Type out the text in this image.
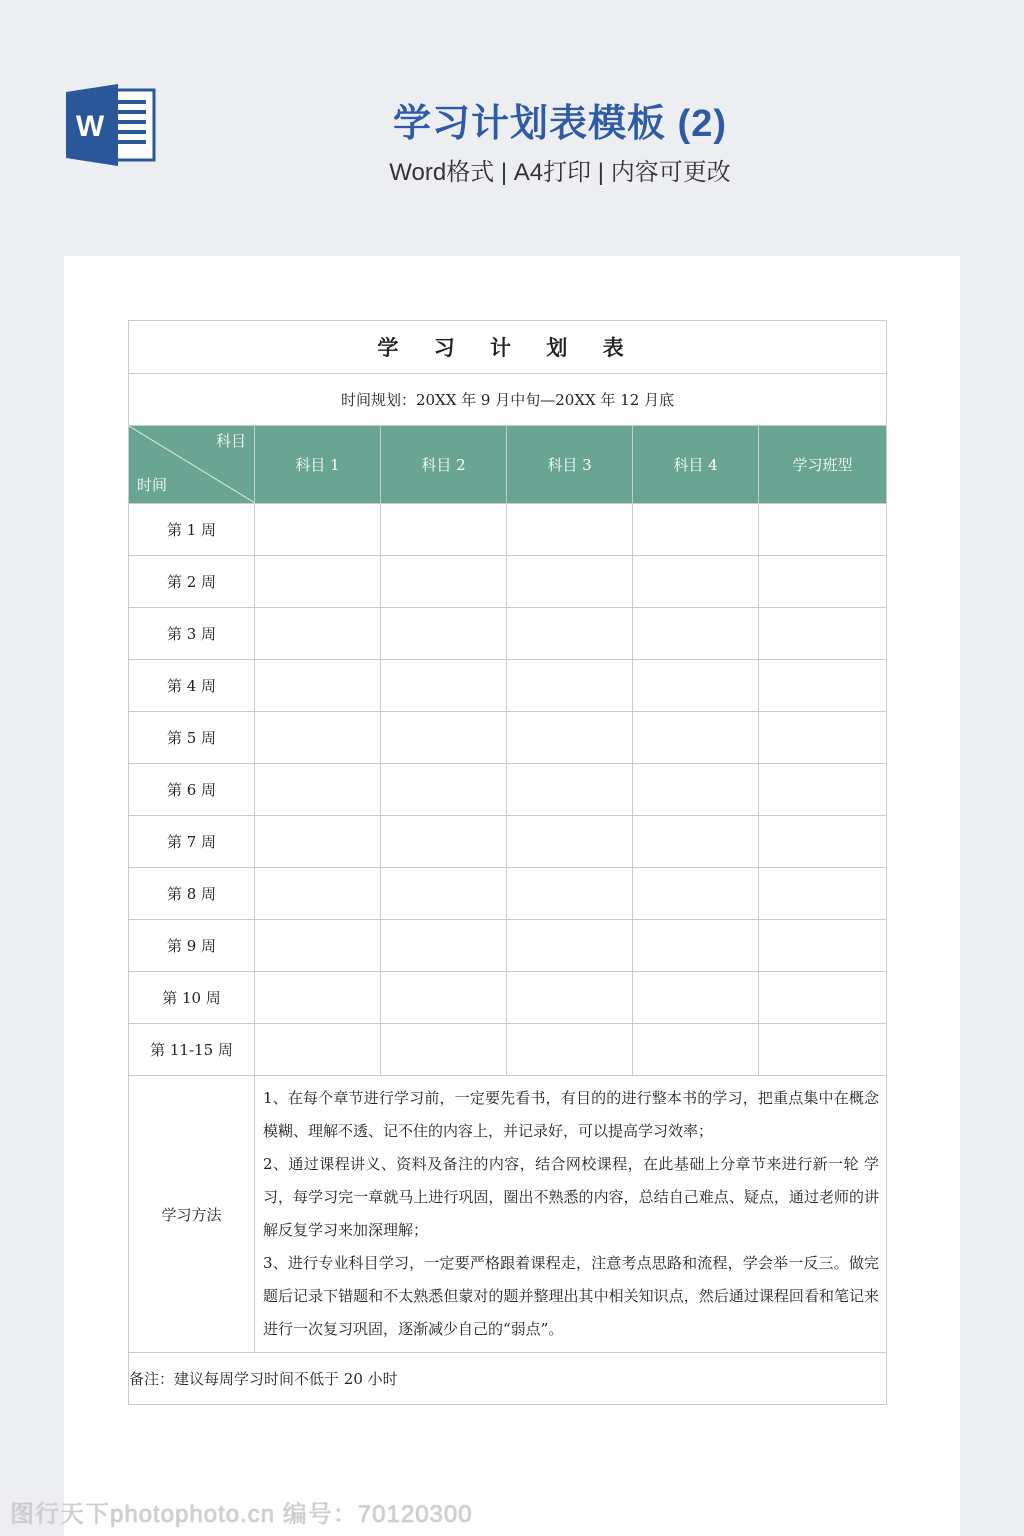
W	学习计划表模板 (2)
Word格式 | A4打印 | 内容可更改
学 习 计 划 表					
时间规划：20XX 年 9 月中旬—20XX 年 12 月底					

科目
时间	科目 1	科目 2	科目 3	科目 4	学习班型
第 1 周					
第 2 周					
第 3 周					
第 4 周					
第 5 周					
第 6 周					
第 7 周					
第 8 周					
第 9 周					
第 10 周					
第 11-15 周					
学习方法	1、在每个章节进行学习前，一定要先看书，有目的的进行整本书的学习，把重点集中在概念模糊、理解不透、记不住的内容上，并记录好，可以提高学习效率；
2、通过课程讲义、资料及备注的内容，结合网校课程，在此基础上分章节来进行新一轮 学习，每学习完一章就马上进行巩固，圈出不熟悉的内容，总结自己难点、疑点，通过老师的讲解反复学习来加深理解；
3、进行专业科目学习，一定要严格跟着课程走，注意考点思路和流程，学会举一反三。做完题后记录下错题和不太熟悉但蒙对的题并整理出其中相关知识点，然后通过课程回看和笔记来进行一次复习巩固，逐渐减少自己的“弱点”。				

备注：建议每周学习时间不低于 20 小时					
图行天下photophoto.cn 编号：70120300
